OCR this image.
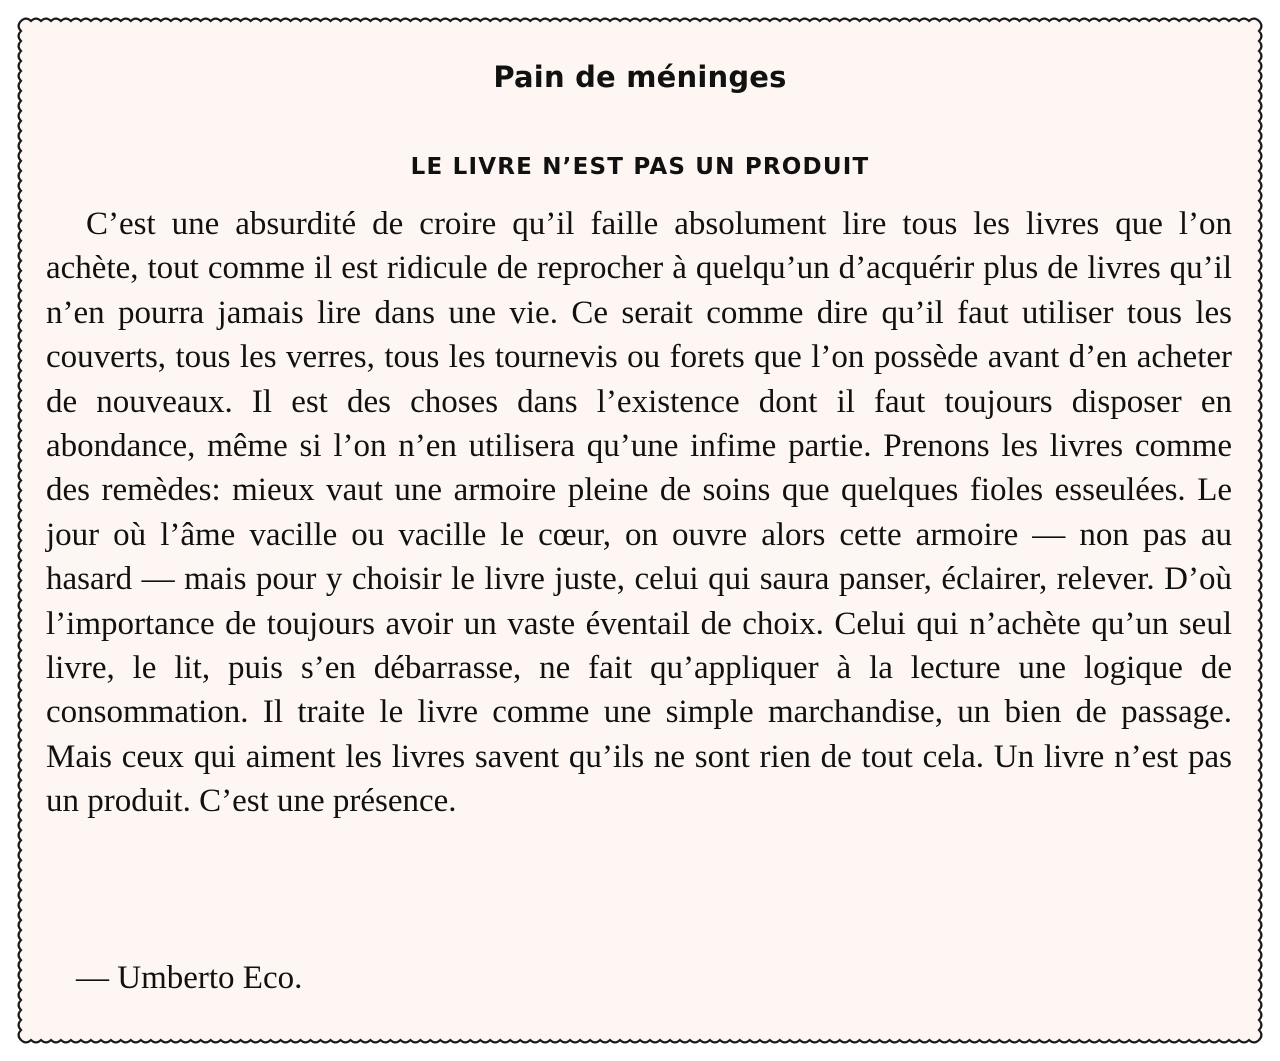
Pain de méninges
LE LIVRE N’EST PAS UN PRODUIT

C’est une absurdité de croire qu’il faille absolument lire tous les livres que l’on achète, tout comme il est ridicule de reprocher à quelqu’un d’acquérir plus de livres qu’il n’en pourra jamais lire dans une vie. Ce serait comme dire qu’il faut utiliser tous les couverts, tous les verres, tous les tournevis ou forets que l’on possède avant d’en acheter de nouveaux. Il est des choses dans l’existence dont il faut toujours disposer en abondance, même si l’on n’en utilisera qu’une infime partie. Prenons les livres comme des remèdes: mieux vaut une armoire pleine de soins que quelques fioles esseulées. Le jour où l’âme vacille ou vacille le cœur, on ouvre alors cette armoire — non pas au hasard — mais pour y choisir le livre juste, celui qui saura panser, éclairer, relever. D’où l’importance de toujours avoir un vaste éventail de choix. Celui qui n’achète qu’un seul livre, le lit, puis s’en débarrasse, ne fait qu’appliquer à la lecture une logique de consommation. Il traite le livre comme une simple marchandise, un bien de passage. Mais ceux qui aiment les livres savent qu’ils ne sont rien de tout cela. Un livre n’est pas un produit. C’est une présence.

— Umberto Eco.
